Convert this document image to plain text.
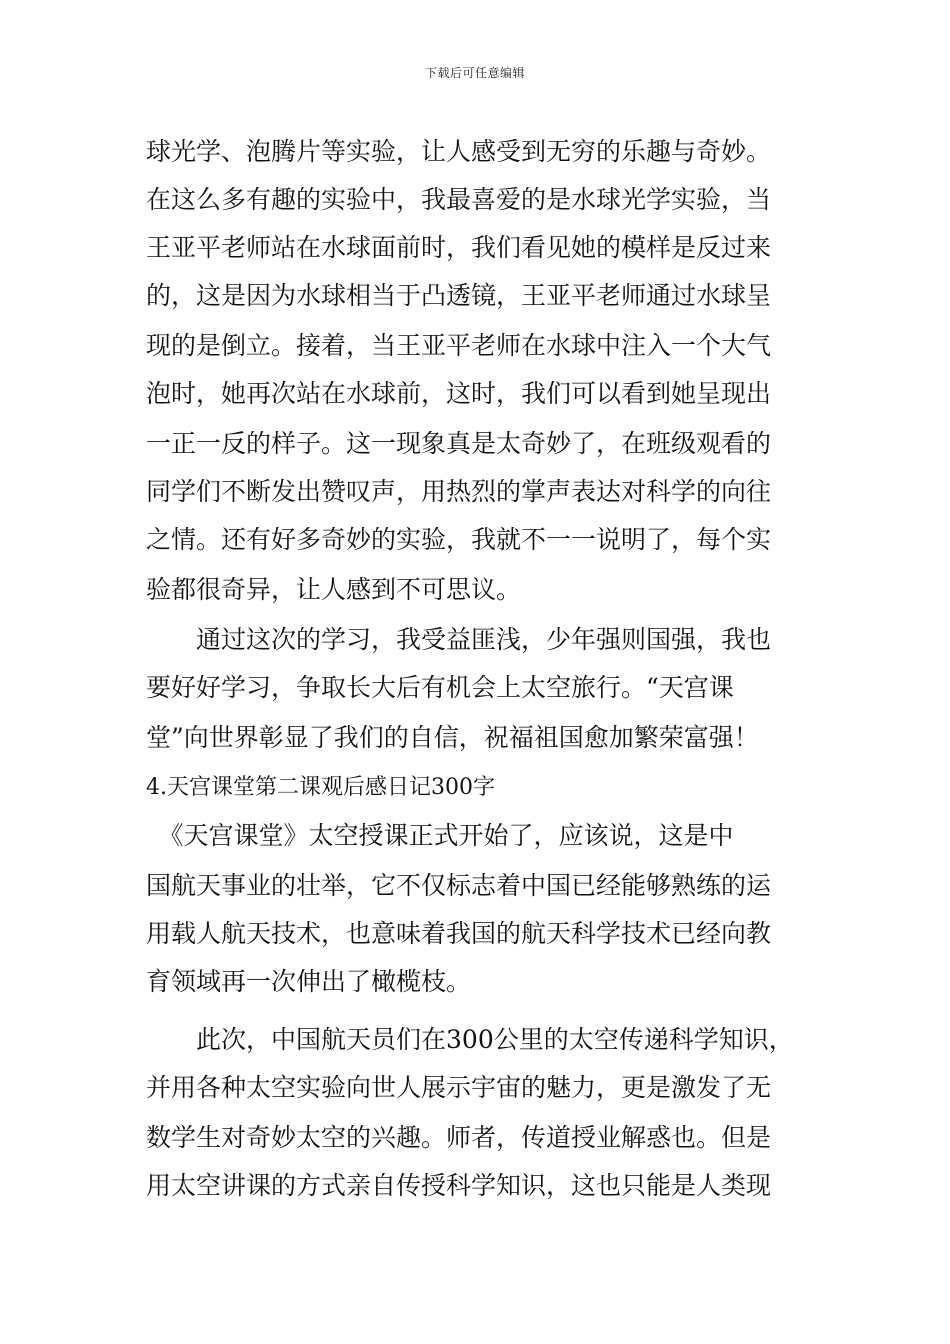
下载后可任意编辑
球光学、泡腾片等实验，让人感受到无穷的乐趣与奇妙。
在这么多有趣的实验中，我最喜爱的是水球光学实验，当
王亚平老师站在水球面前时，我们看见她的模样是反过来
的，这是因为水球相当于凸透镜，王亚平老师通过水球呈
现的是倒立。接着，当王亚平老师在水球中注入一个大气
泡时，她再次站在水球前，这时，我们可以看到她呈现出
一正一反的样子。这一现象真是太奇妙了，在班级观看的
同学们不断发出赞叹声，用热烈的掌声表达对科学的向往
之情。还有好多奇妙的实验，我就不一一说明了，每个实
验都很奇异，让人感到不可思议。
　　通过这次的学习，我受益匪浅，少年强则国强，我也
要好好学习，争取长大后有机会上太空旅行。“天宫课
堂”向世界彰显了我们的自信，祝福祖国愈加繁荣富强！
4.天宫课堂第二课观后感日记300字
　《天宫课堂》太空授课正式开始了，应该说，这是中
国航天事业的壮举，它不仅标志着中国已经能够熟练的运
用载人航天技术，也意味着我国的航天科学技术已经向教
育领域再一次伸出了橄榄枝。
　　此次，中国航天员们在300公里的太空传递科学知识，
并用各种太空实验向世人展示宇宙的魅力，更是激发了无
数学生对奇妙太空的兴趣。师者，传道授业解惑也。但是
用太空讲课的方式亲自传授科学知识，这也只能是人类现
